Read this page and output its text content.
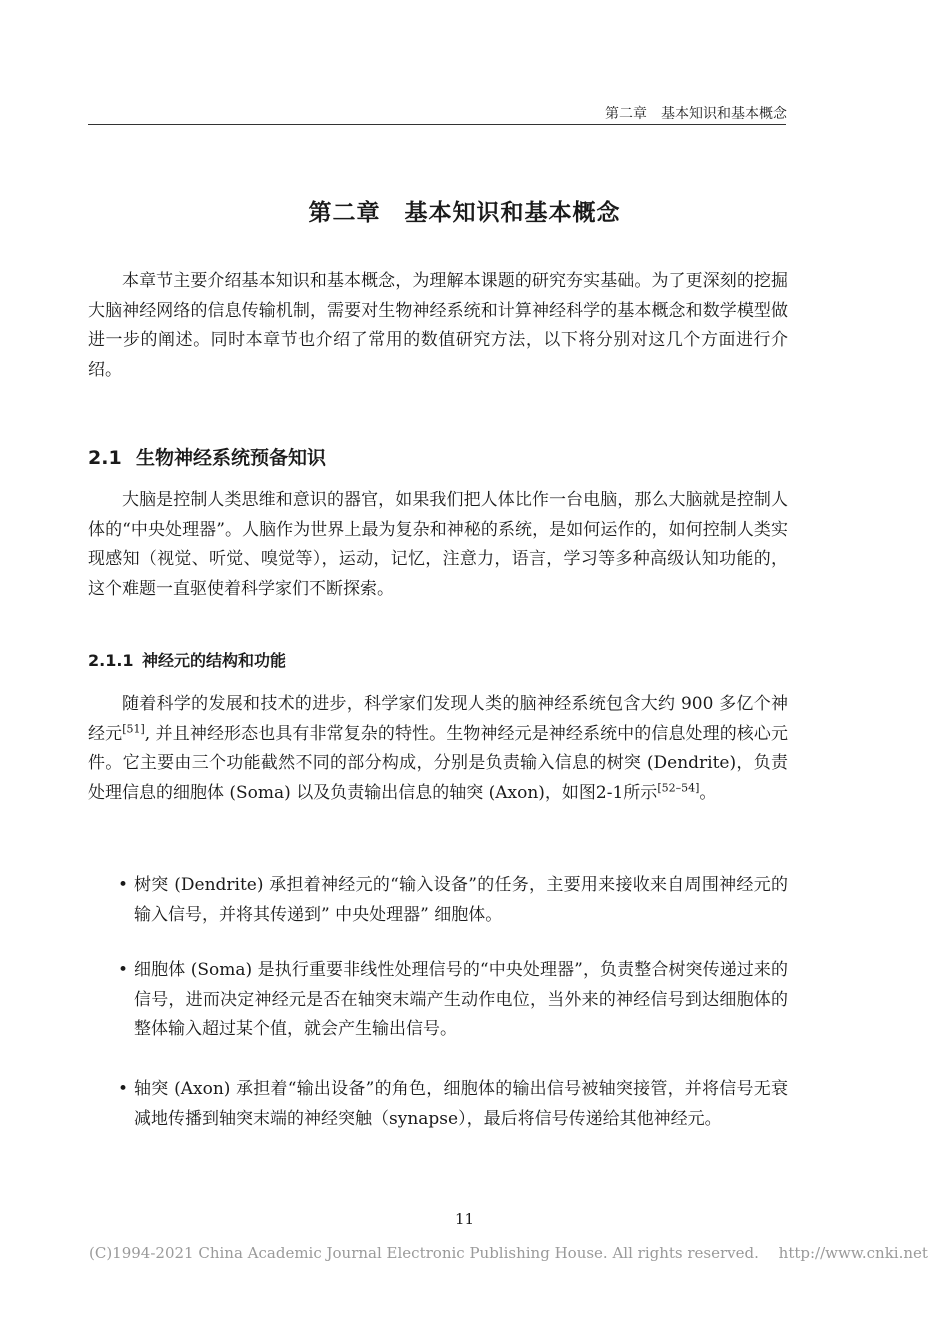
第二章　基本知识和基本概念
第二章　基本知识和基本概念
本章节主要介绍基本知识和基本概念，为理解本课题的研究夯实基础。为了更深刻的挖掘大脑神经网络的信息传输机制，需要对生物神经系统和计算神经科学的基本概念和数学模型做进一步的阐述。同时本章节也介绍了常用的数值研究方法，以下将分别对这几个方面进行介绍。
2.1 生物神经系统预备知识
大脑是控制人类思维和意识的器官，如果我们把人体比作一台电脑，那么大脑就是控制人体的“中央处理器”。人脑作为世界上最为复杂和神秘的系统，是如何运作的，如何控制人类实现感知（视觉、听觉、嗅觉等），运动，记忆，注意力，语言，学习等多种高级认知功能的，这个难题一直驱使着科学家们不断探索。
2.1.1 神经元的结构和功能
随着科学的发展和技术的进步，科学家们发现人类的脑神经系统包含大约 900 多亿个神经元[51], 并且神经形态也具有非常复杂的特性。生物神经元是神经系统中的信息处理的核心元件。它主要由三个功能截然不同的部分构成，分别是负责输入信息的树突 (Dendrite)，负责处理信息的细胞体 (Soma) 以及负责输出信息的轴突 (Axon)，如图2-1所示[52–54]。
• 树突 (Dendrite) 承担着神经元的“输入设备”的任务，主要用来接收来自周围神经元的输入信号，并将其传递到” 中央处理器” 细胞体。
• 细胞体 (Soma) 是执行重要非线性处理信号的“中央处理器”，负责整合树突传递过来的信号，进而决定神经元是否在轴突末端产生动作电位，当外来的神经信号到达细胞体的整体输入超过某个值，就会产生输出信号。
• 轴突 (Axon) 承担着“输出设备”的角色，细胞体的输出信号被轴突接管，并将信号无衰减地传播到轴突末端的神经突触（synapse），最后将信号传递给其他神经元。
11
(C)1994-2021 China Academic Journal Electronic Publishing House. All rights reserved.　 http://www.cnki.net
